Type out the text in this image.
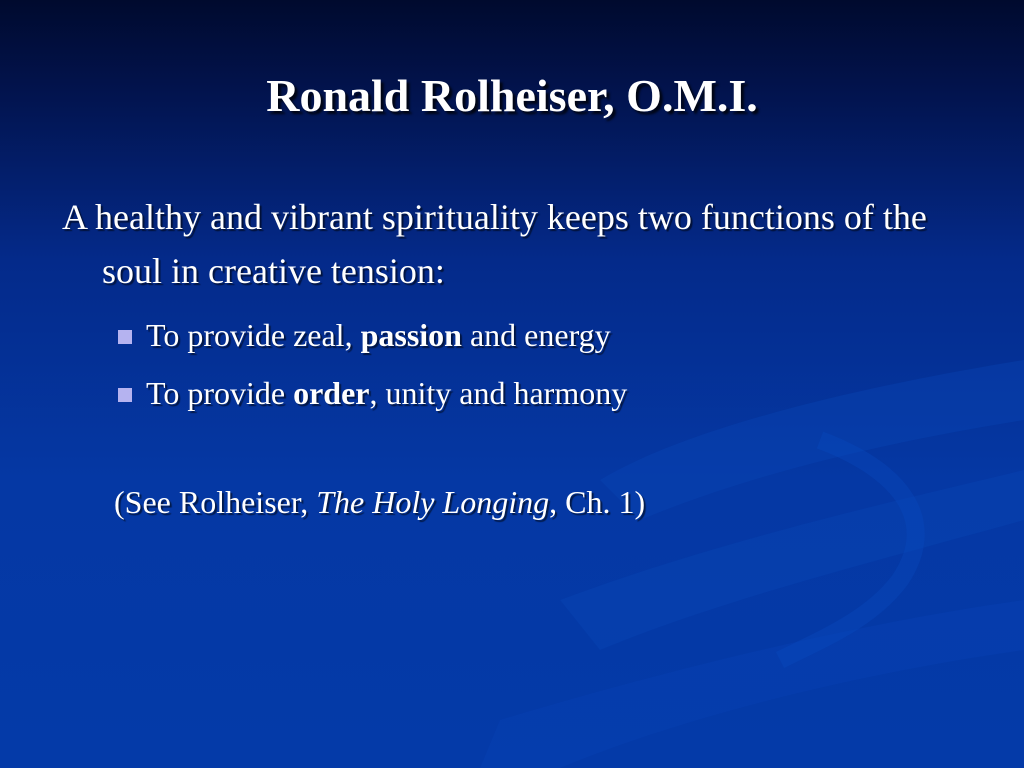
Ronald Rolheiser, O.M.I.

A healthy and vibrant spirituality keeps two functions of the soul in creative tension:

To provide zeal, passion and energy
To provide order, unity and harmony
(See Rolheiser, The Holy Longing, Ch. 1)
